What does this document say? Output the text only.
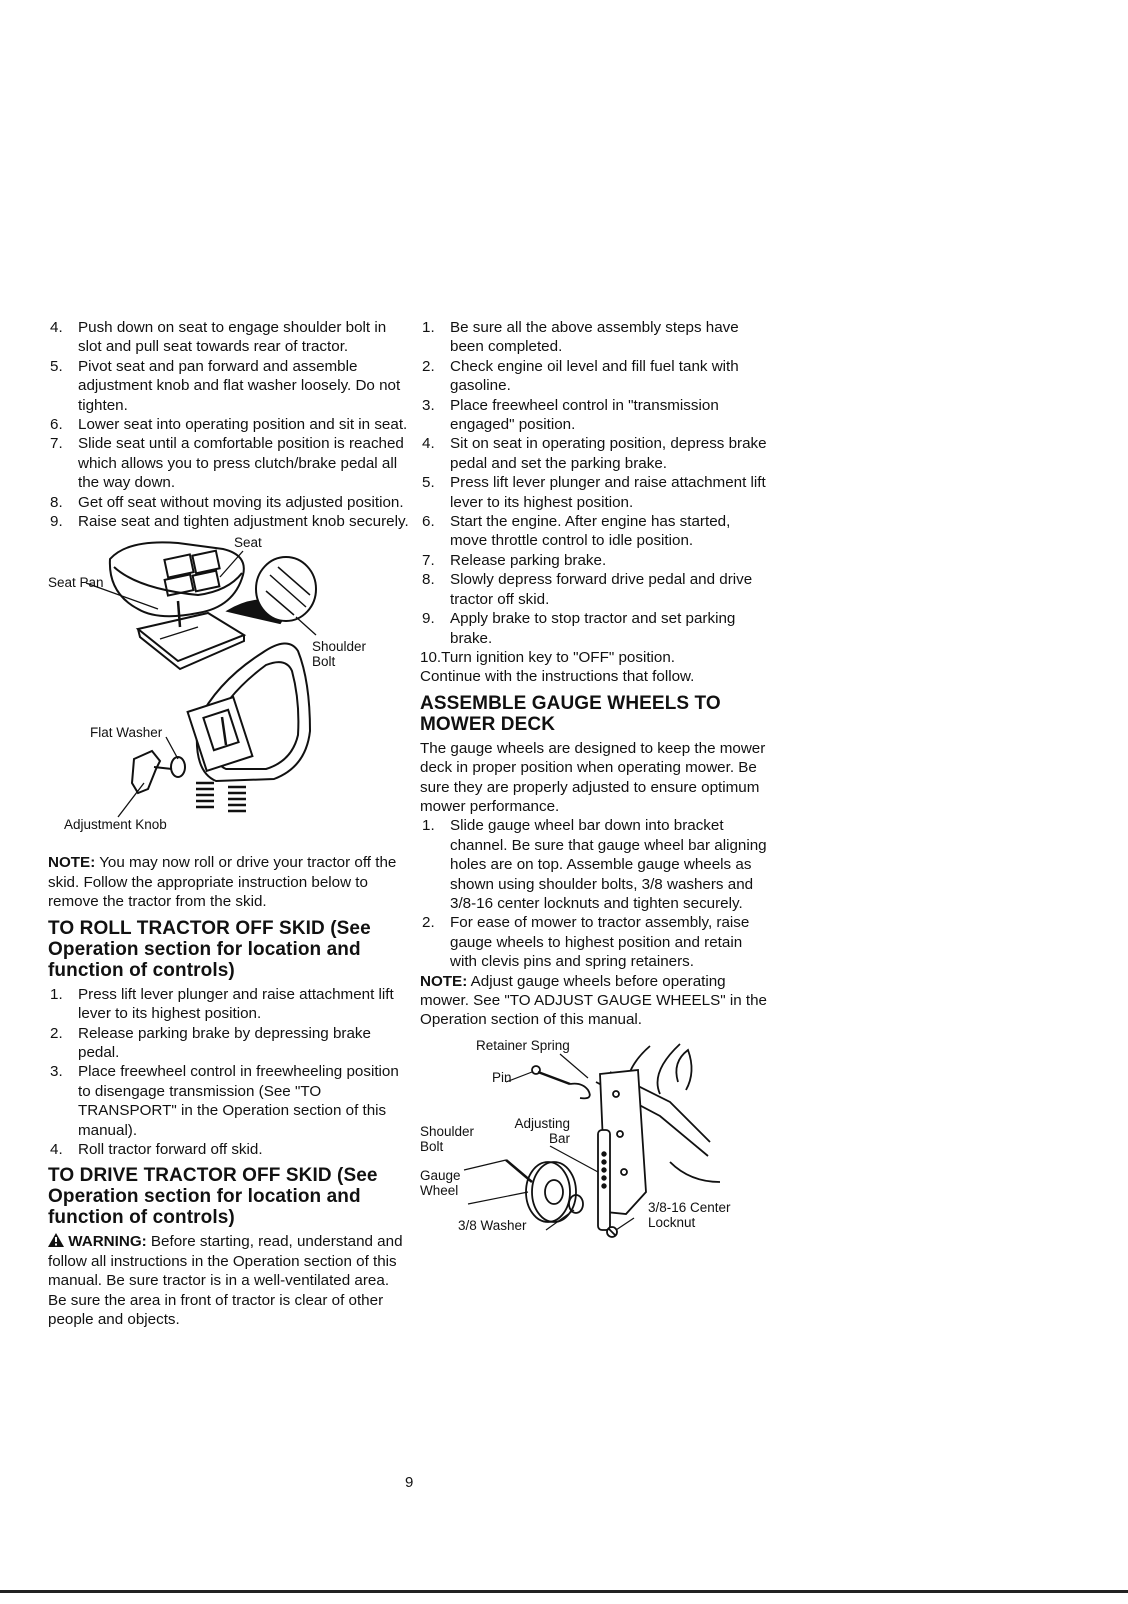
4. Push down on seat to engage shoulder bolt in slot and pull seat towards rear of tractor.
5. Pivot seat and pan forward and assemble adjustment knob and flat washer loosely. Do not tighten.
6. Lower seat into operating position and sit in seat.
7. Slide seat until a comfortable position is reached which allows you to press clutch/brake pedal all the way down.
8. Get off seat without moving its adjusted position.
9. Raise seat and tighten adjustment knob securely.
Seat
Seat Pan
Shoulder Bolt
Flat Washer
Adjustment Knob

NOTE: You may now roll or drive your tractor off the skid. Follow the appropriate instruction below to remove the tractor from the skid.

TO ROLL TRACTOR OFF SKID (See Operation section for location and function of controls)
1. Press lift lever plunger and raise attachment lift lever to its highest position.
2. Release parking brake by depressing brake pedal.
3. Place freewheel control in freewheeling position to disengage transmission (See "TO TRANSPORT" in the Operation section of this manual).
4. Roll tractor forward off skid.
TO DRIVE TRACTOR OFF SKID (See Operation section for location and function of controls)

WARNING: Before starting, read, understand and follow all instructions in the Operation section of this manual. Be sure tractor is in a well-ventilated area. Be sure the area in front of tractor is clear of other people and objects.

1. Be sure all the above assembly steps have been completed.
2. Check engine oil level and fill fuel tank with gasoline.
3. Place freewheel control in "transmission engaged" position.
4. Sit on seat in operating position, depress brake pedal and set the parking brake.
5. Press lift lever plunger and raise attachment lift lever to its highest position.
6. Start the engine. After engine has started, move throttle control to idle position.
7. Release parking brake.
8. Slowly depress forward drive pedal and drive tractor off skid.
9. Apply brake to stop tractor and set parking brake.

10.Turn ignition key to "OFF" position.

Continue with the instructions that follow.

ASSEMBLE GAUGE WHEELS TO MOWER DECK

The gauge wheels are designed to keep the mower deck in proper position when operating mower. Be sure they are properly adjusted to ensure optimum mower performance.

1. Slide gauge wheel bar down into bracket channel. Be sure that gauge wheel bar aligning holes are on top. Assemble gauge wheels as shown using shoulder bolts, 3/8 washers and 3/8-16 center locknuts and tighten securely.
2. For ease of mower to tractor assembly, raise gauge wheels to highest position and retain with clevis pins and spring retainers.

NOTE: Adjust gauge wheels before operating mower. See "TO ADJUST GAUGE WHEELS" in the Operation section of this manual.

Retainer Spring
Pin
Shoulder Bolt
Adjusting Bar
Gauge Wheel
3/8 Washer
3/8-16 Center Locknut
9
